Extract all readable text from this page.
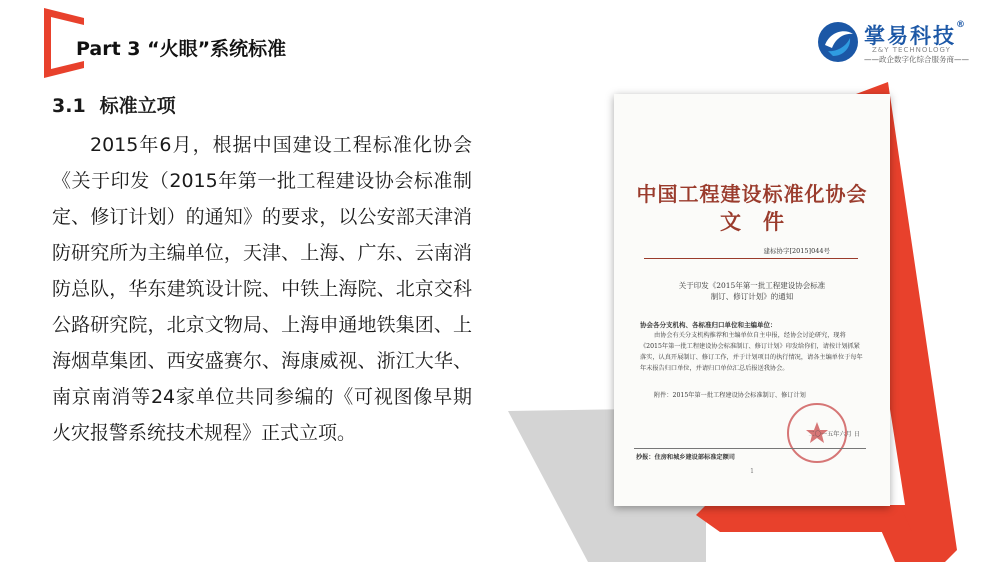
Part 3 “火眼”系统标准
掌易科技®
Z&Y TECHNOLOGY
——政企数字化综合服务商——
3.1 标准立项

2015年6月，根据中国建设工程标准化协会《关于印发（2015年第一批工程建设协会标准制定、修订计划）的通知》的要求，以公安部天津消防研究所为主编单位，天津、上海、广东、云南消防总队，华东建筑设计院、中铁上海院、北京交科公路研究院，北京文物局、上海申通地铁集团、上海烟草集团、西安盛赛尔、海康威视、浙江大华、南京南消等24家单位共同参编的《可视图像早期火灾报警系统技术规程》正式立项。

中国工程建设标准化协会
文件
建标协字[2015]044号
关于印发《2015年第一批工程建设协会标准
制订、修订计划》的通知
协会各分支机构、各标准归口单位和主编单位：

由协会有关分支机构推荐和主编单位自主申报，经协会讨论研究，现将《2015年第一批工程建设协会标准制订、修订计划》印发给你们，请按计划抓紧落实，认真开展制订、修订工作，并于计划项目的执行情况，请各主编单位于每年年末报告归口单位，并请归口单位汇总后报送我协会。

附件：2015年第一批工程建设协会标准制订、修订计划
二〇一五年六月 日
抄报：住房和城乡建设部标准定额司
1
